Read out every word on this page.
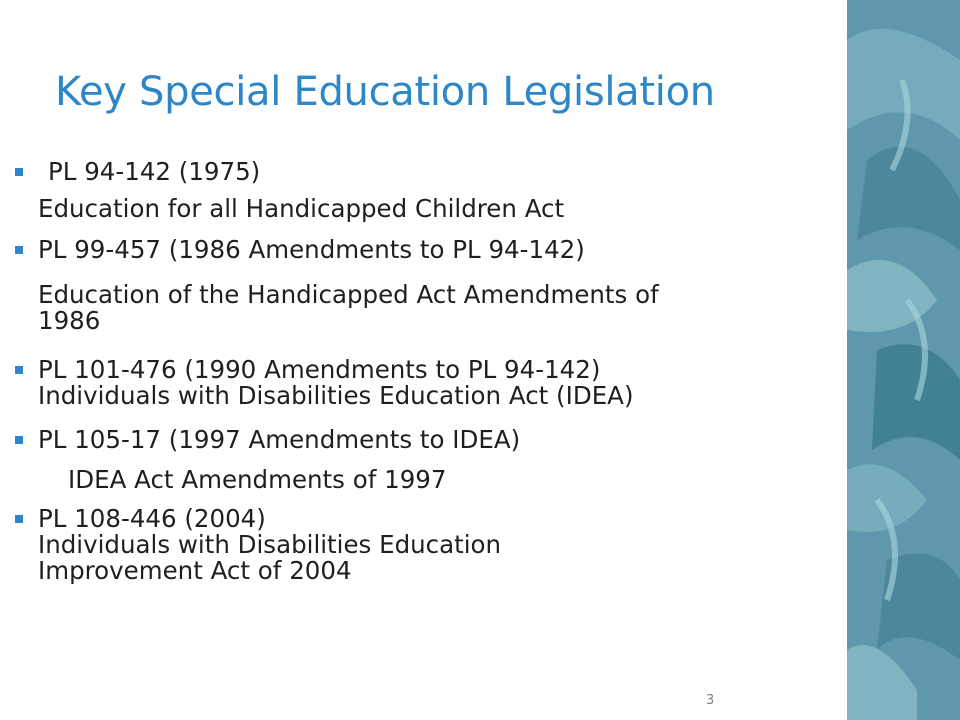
Key Special Education Legislation
PL 94-142 (1975)
Education for all Handicapped Children Act
PL 99-457 (1986 Amendments to PL 94-142)
Education of the Handicapped Act Amendments of
1986
PL 101-476 (1990 Amendments to PL 94-142)
Individuals with Disabilities Education Act (IDEA)
PL 105-17 (1997 Amendments to IDEA)
IDEA Act Amendments of 1997
PL 108-446 (2004)
Individuals with Disabilities Education
Improvement Act of 2004
3
